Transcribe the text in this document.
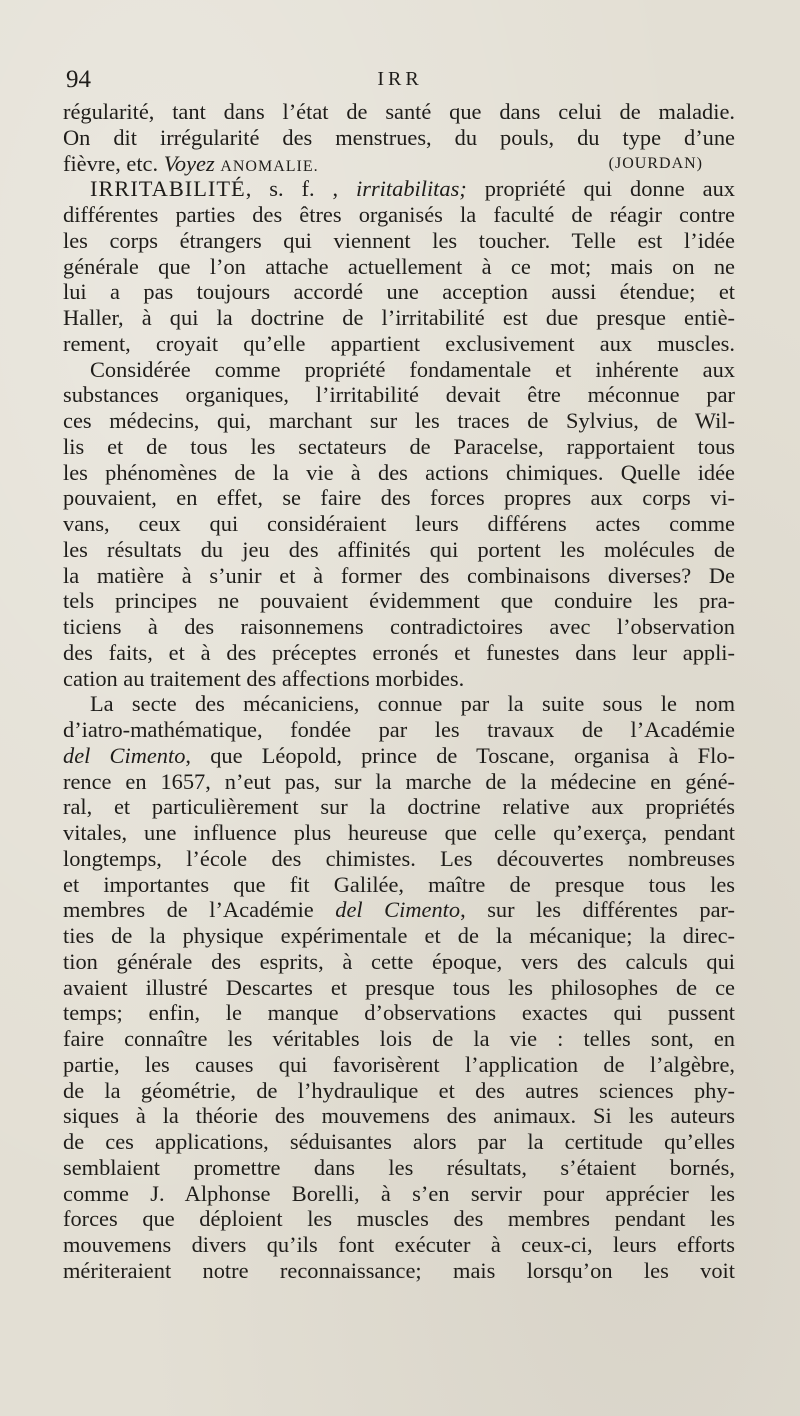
94	IRR
régularité, tant dans l’état de santé que dans celui de maladie.
On dit irrégularité des menstrues, du pouls, du type d’une
fièvre, etc. Voyez ANOMALIE.	(JOURDAN)
IRRITABILITÉ, s. f. , irritabilitas; propriété qui donne aux
différentes parties des êtres organisés la faculté de réagir contre
les corps étrangers qui viennent les toucher. Telle est l’idée
générale que l’on attache actuellement à ce mot; mais on ne
lui a pas toujours accordé une acception aussi étendue; et
Haller, à qui la doctrine de l’irritabilité est due presque entiè-
rement, croyait qu’elle appartient exclusivement aux muscles.
Considérée comme propriété fondamentale et inhérente aux
substances organiques, l’irritabilité devait être méconnue par
ces médecins, qui, marchant sur les traces de Sylvius, de Wil-
lis et de tous les sectateurs de Paracelse, rapportaient tous
les phénomènes de la vie à des actions chimiques. Quelle idée
pouvaient, en effet, se faire des forces propres aux corps vi-
vans, ceux qui considéraient leurs différens actes comme
les résultats du jeu des affinités qui portent les molécules de
la matière à s’unir et à former des combinaisons diverses? De
tels principes ne pouvaient évidemment que conduire les pra-
ticiens à des raisonnemens contradictoires avec l’observation
des faits, et à des préceptes erronés et funestes dans leur appli-
cation au traitement des affections morbides.
La secte des mécaniciens, connue par la suite sous le nom
d’iatro-mathématique, fondée par les travaux de l’Académie
del Cimento, que Léopold, prince de Toscane, organisa à Flo-
rence en 1657, n’eut pas, sur la marche de la médecine en géné-
ral, et particulièrement sur la doctrine relative aux propriétés
vitales, une influence plus heureuse que celle qu’exerça, pendant
longtemps, l’école des chimistes. Les découvertes nombreuses
et importantes que fit Galilée, maître de presque tous les
membres de l’Académie del Cimento, sur les différentes par-
ties de la physique expérimentale et de la mécanique; la direc-
tion générale des esprits, à cette époque, vers des calculs qui
avaient illustré Descartes et presque tous les philosophes de ce
temps; enfin, le manque d’observations exactes qui pussent
faire connaître les véritables lois de la vie : telles sont, en
partie, les causes qui favorisèrent l’application de l’algèbre,
de la géométrie, de l’hydraulique et des autres sciences phy-
siques à la théorie des mouvemens des animaux. Si les auteurs
de ces applications, séduisantes alors par la certitude qu’elles
semblaient promettre dans les résultats, s’étaient bornés,
comme J. Alphonse Borelli, à s’en servir pour apprécier les
forces que déploient les muscles des membres pendant les
mouvemens divers qu’ils font exécuter à ceux-ci, leurs efforts
mériteraient notre reconnaissance; mais lorsqu’on les voit
